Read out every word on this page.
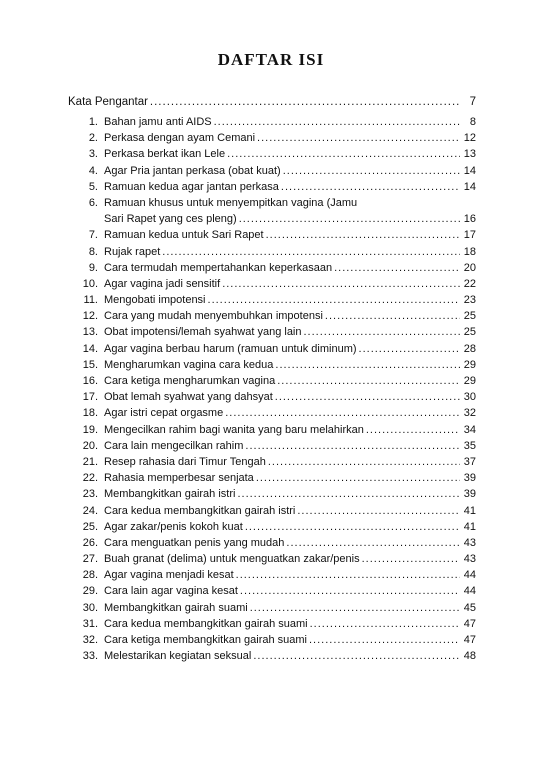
DAFTAR ISI
Kata Pengantar .....	7
1. Bahan jamu anti AIDS .....	8
2. Perkasa dengan ayam Cemani .....	12
3. Perkasa berkat ikan Lele .....	13
4. Agar Pria jantan perkasa (obat kuat) .....	14
5. Ramuan kedua agar jantan perkasa .....	14
6. Ramuan khusus untuk menyempitkan vagina (Jamu
Sari Rapet yang ces pleng) .....	16
7. Ramuan kedua untuk Sari Rapet .....	17
8. Rujak rapet .....	18
9. Cara termudah mempertahankan keperkasaan .....	20
10. Agar vagina jadi sensitif .....	22
11. Mengobati impotensi .....	23
12. Cara yang mudah menyembuhkan impotensi .....	25
13. Obat impotensi/lemah syahwat yang lain .....	25
14. Agar vagina berbau harum (ramuan untuk diminum) .....	28
15. Mengharumkan vagina cara kedua .....	29
16. Cara ketiga mengharumkan vagina .....	29
17. Obat lemah syahwat yang dahsyat .....	30
18. Agar istri cepat orgasme .....	32
19. Mengecilkan rahim bagi wanita yang baru melahirkan .....	34
20. Cara lain mengecilkan rahim .....	35
21. Resep rahasia dari Timur Tengah .....	37
22. Rahasia memperbesar senjata .....	39
23. Membangkitkan gairah istri .....	39
24. Cara kedua membangkitkan gairah istri .....	41
25. Agar zakar/penis kokoh kuat .....	41
26. Cara menguatkan penis yang mudah .....	43
27. Buah granat (delima) untuk menguatkan zakar/penis .....	43
28. Agar vagina menjadi kesat .....	44
29. Cara lain agar vagina kesat .....	44
30. Membangkitkan gairah suami .....	45
31. Cara kedua membangkitkan gairah suami .....	47
32. Cara ketiga membangkitkan gairah suami .....	47
33. Melestarikan kegiatan seksual .....	48
